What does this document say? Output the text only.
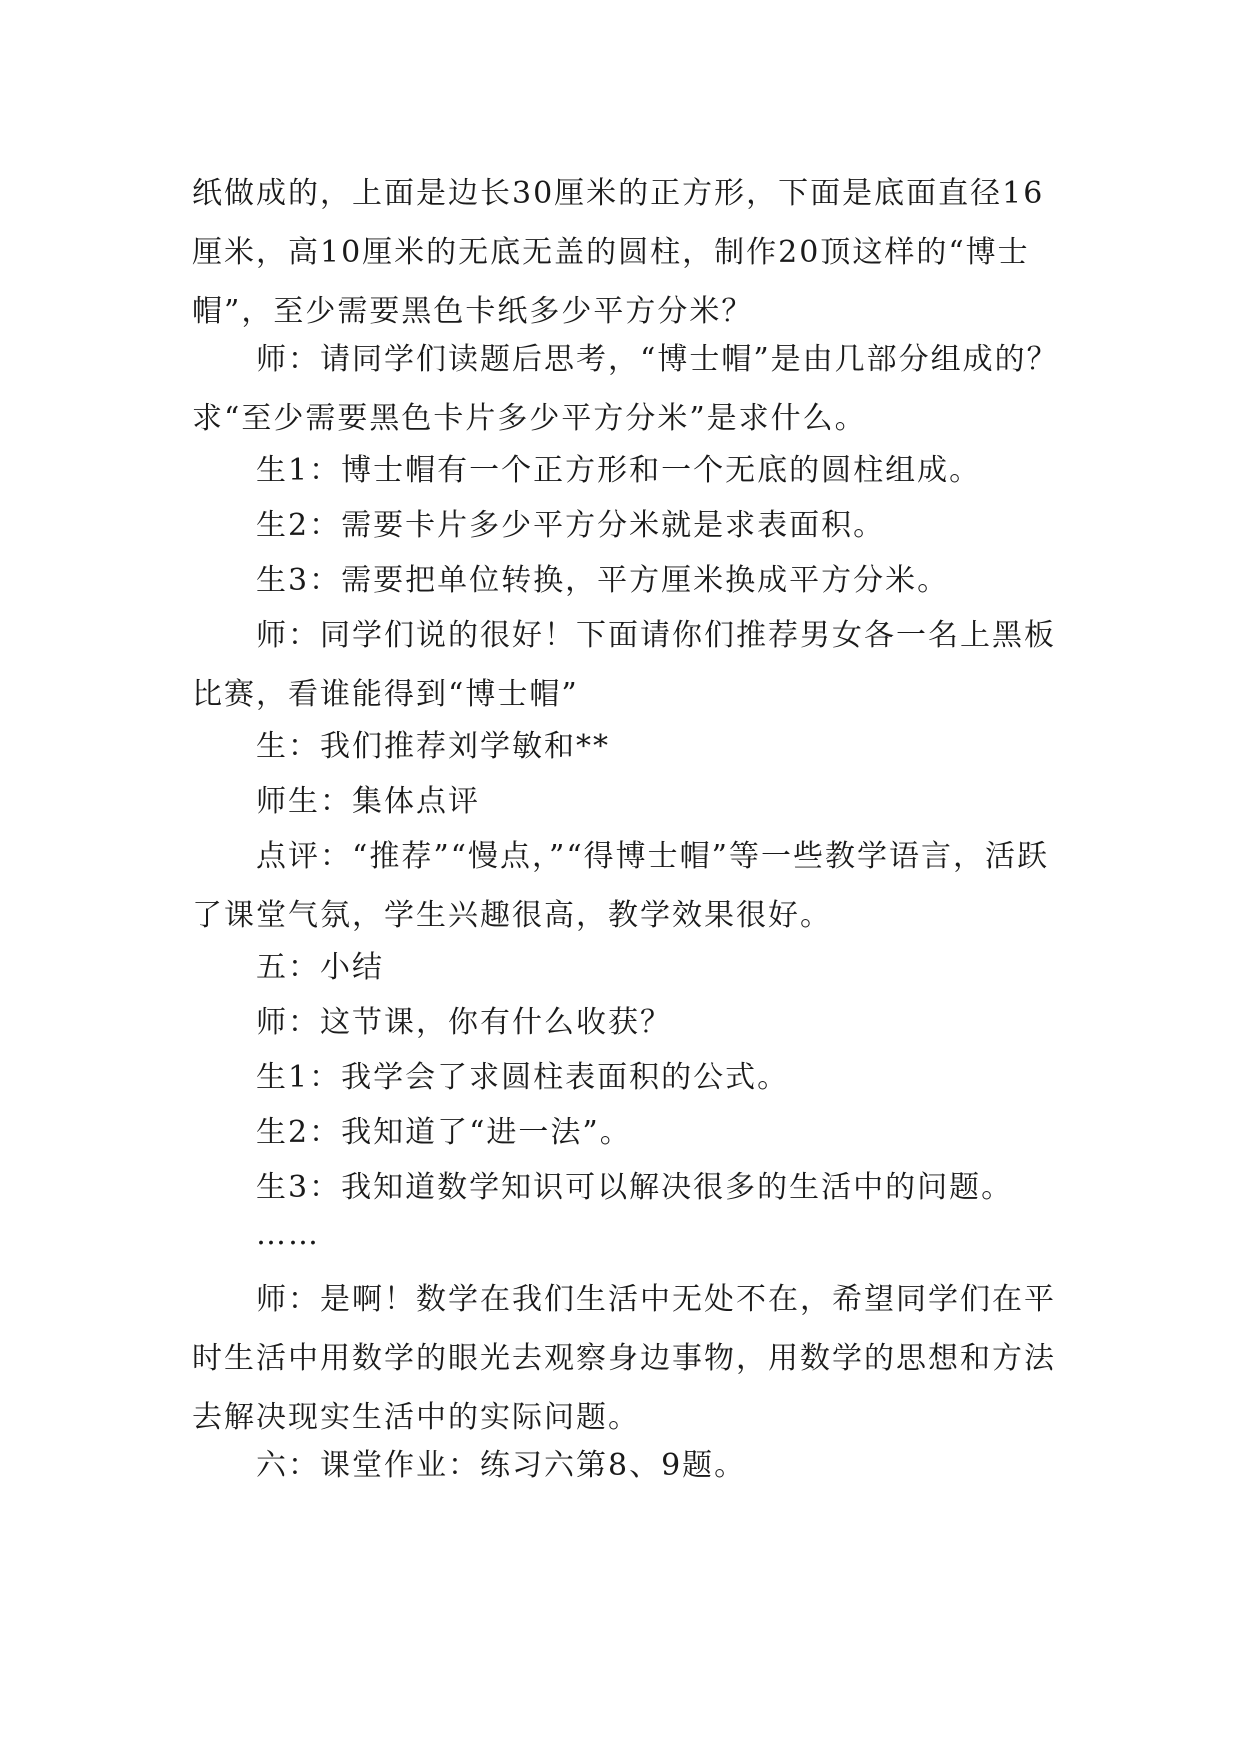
纸做成的，上面是边长30厘米的正方形，下面是底面直径16厘米，高10厘米的无底无盖的圆柱，制作20顶这样的“博士帽”，至少需要黑色卡纸多少平方分米？

师：请同学们读题后思考，“博士帽”是由几部分组成的？求“至少需要黑色卡片多少平方分米”是求什么。

生1：博士帽有一个正方形和一个无底的圆柱组成。

生2：需要卡片多少平方分米就是求表面积。

生3：需要把单位转换，平方厘米换成平方分米。

师：同学们说的很好！下面请你们推荐男女各一名上黑板比赛，看谁能得到“博士帽”

生：我们推荐刘学敏和**

师生：集体点评

点评：“推荐”“慢点，”“得博士帽”等一些教学语言，活跃了课堂气氛，学生兴趣很高，教学效果很好。

五：小结

师：这节课，你有什么收获？

生1：我学会了求圆柱表面积的公式。

生2：我知道了“进一法”。

生3：我知道数学知识可以解决很多的生活中的问题。

……

师：是啊！数学在我们生活中无处不在，希望同学们在平时生活中用数学的眼光去观察身边事物，用数学的思想和方法去解决现实生活中的实际问题。

六：课堂作业：练习六第8、9题。
